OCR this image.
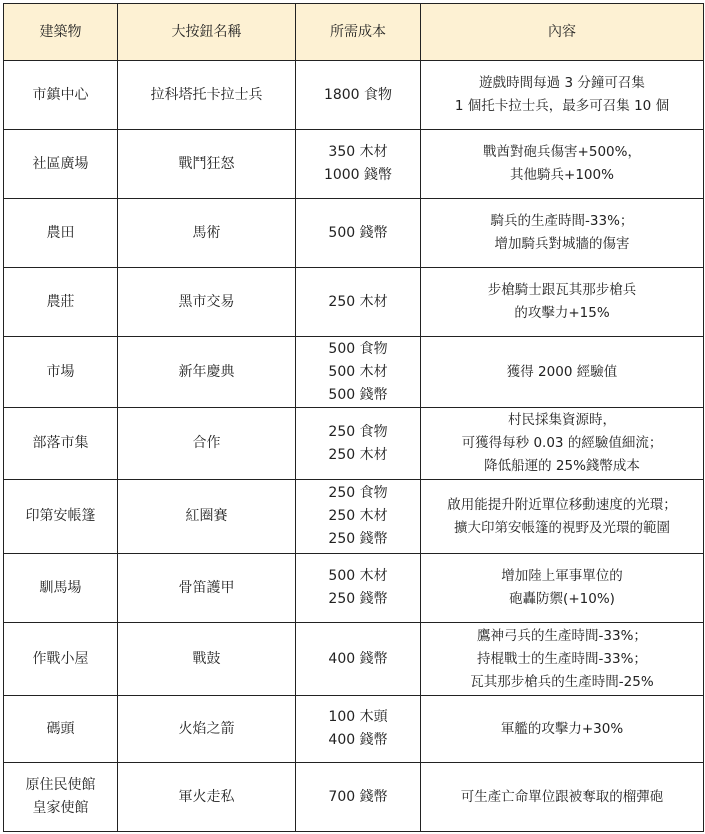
建築物	大按鈕名稱	所需成本	內容

市鎮中心	拉科塔托卡拉士兵	1800 食物	遊戲時間每過 3 分鐘可召集
1 個托卡拉士兵，最多可召集 10 個

社區廣場	戰鬥狂怒	350 木材
1000 錢幣	戰酋對砲兵傷害+500%，
其他騎兵+100%

農田	馬術	500 錢幣	騎兵的生產時間-33%；
增加騎兵對城牆的傷害

農莊	黑市交易	250 木材	步槍騎士跟瓦其那步槍兵
的攻擊力+15%

市場	新年慶典	500 食物
500 木材
500 錢幣	獲得 2000 經驗值

部落市集	合作	250 食物
250 木材	村民採集資源時，
可獲得每秒 0.03 的經驗值細流；
降低船運的 25%錢幣成本

印第安帳篷	紅圈賽	250 食物
250 木材
250 錢幣	啟用能提升附近單位移動速度的光環；
擴大印第安帳篷的視野及光環的範圍

馴馬場	骨笛護甲	500 木材
250 錢幣	增加陸上軍事單位的
砲轟防禦(+10%)

作戰小屋	戰鼓	400 錢幣	鷹神弓兵的生產時間-33%；
持棍戰士的生產時間-33%；
瓦其那步槍兵的生產時間-25%

碼頭	火焰之箭	100 木頭
400 錢幣	軍艦的攻擊力+30%

原住民使館
皇家使館	軍火走私	700 錢幣	可生產亡命單位跟被奪取的榴彈砲
